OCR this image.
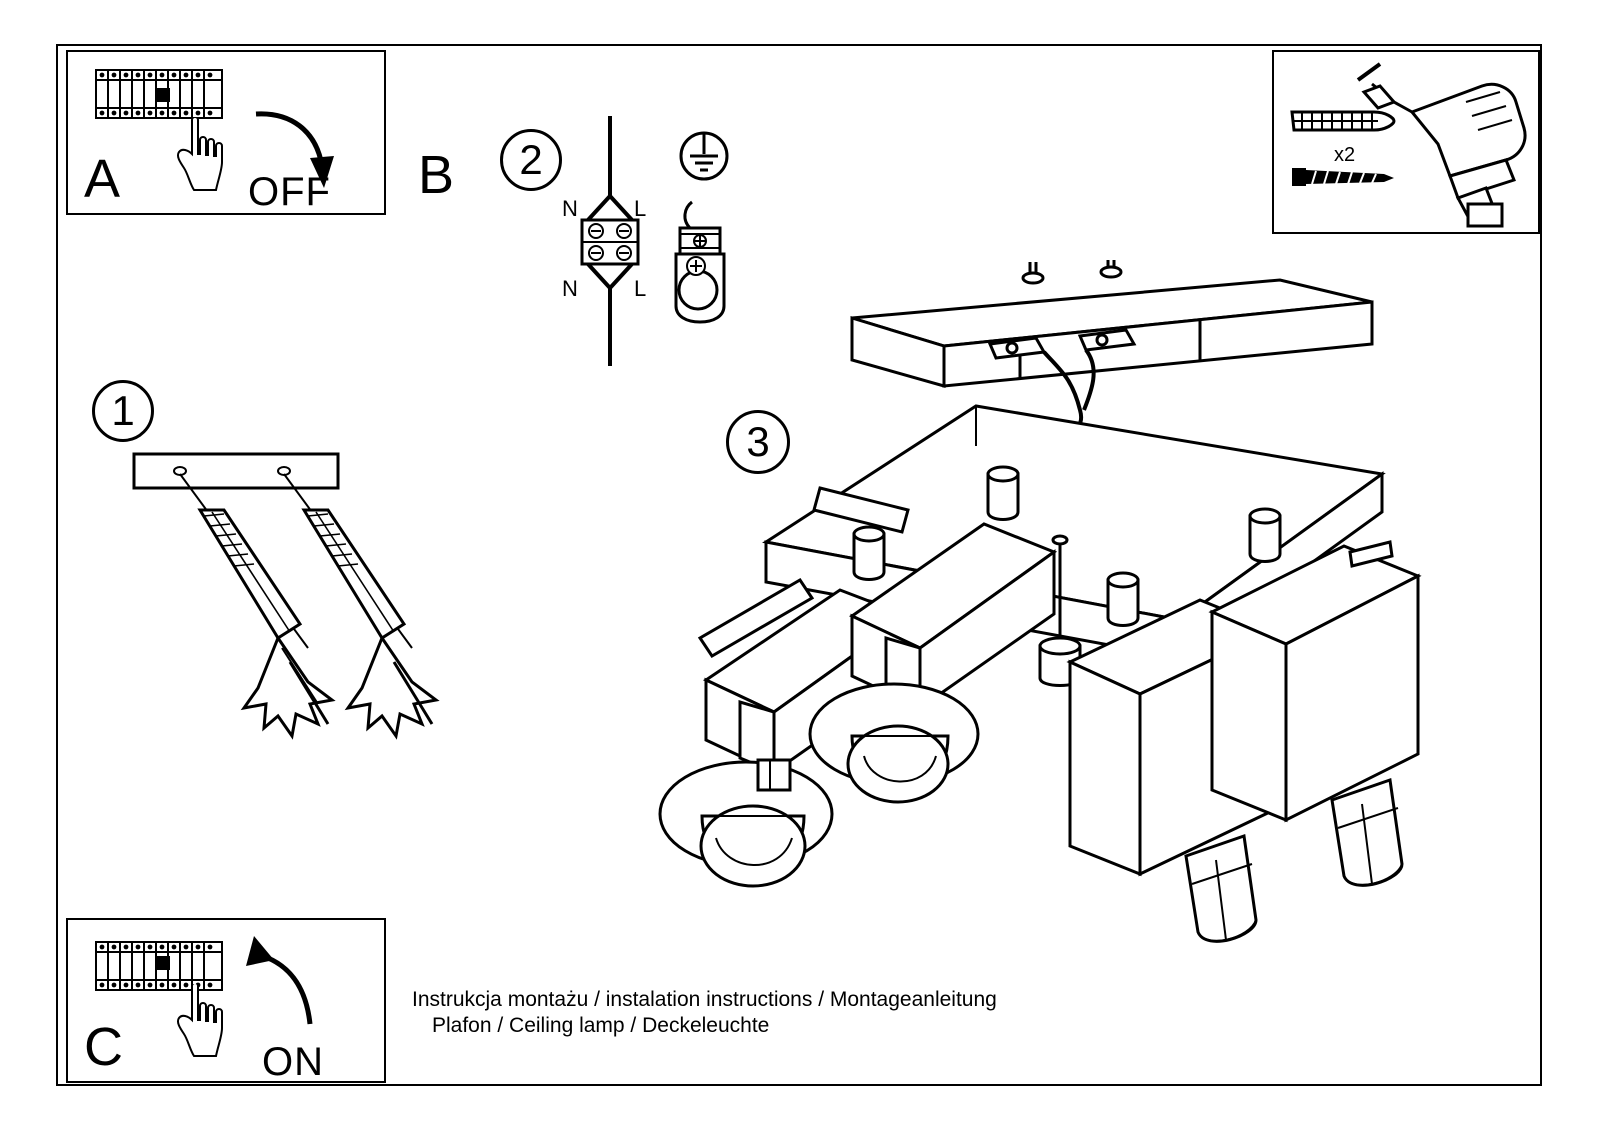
A	OFF B 2
N	L
N	L
x2
1
3
C	ON
Instrukcja montażu / instalation instructions / Montageanleitung
Plafon / Ceiling lamp / Deckeleuchte
